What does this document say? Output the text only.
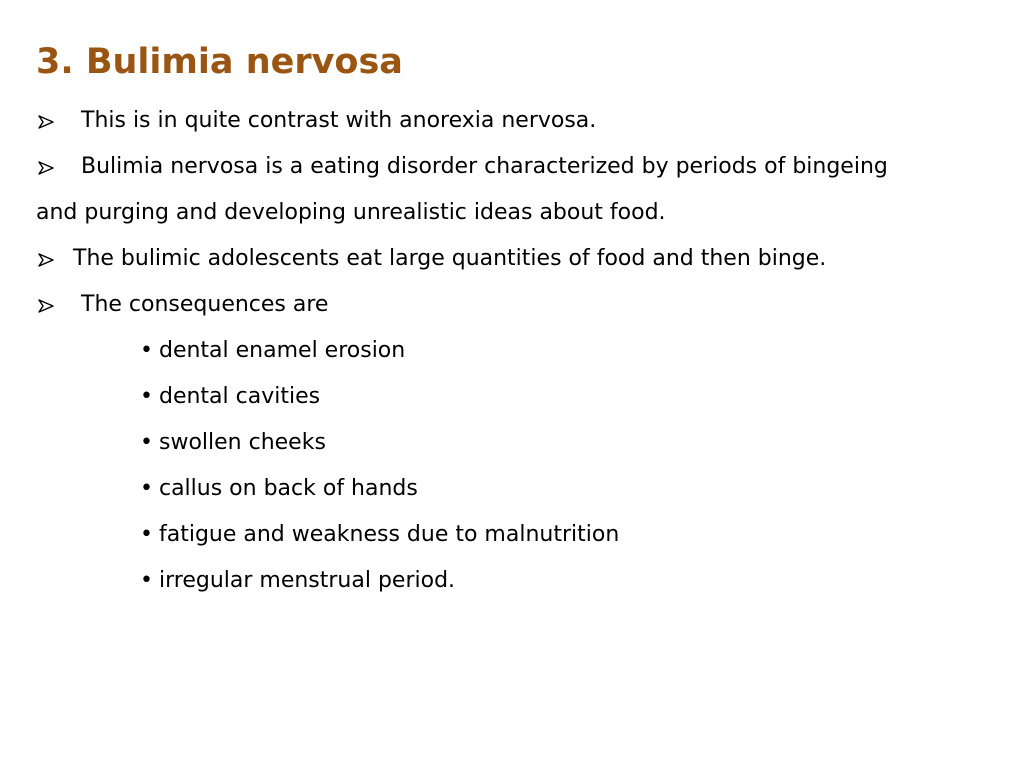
3. Bulimia nervosa
This is in quite contrast with anorexia nervosa.
Bulimia nervosa is a eating disorder characterized by periods of bingeing
and purging and developing unrealistic ideas about food.
The bulimic adolescents eat large quantities of food and then binge.
The consequences are
• dental enamel erosion
• dental cavities
• swollen cheeks
• callus on back of hands
• fatigue and weakness due to malnutrition
• irregular menstrual period.
